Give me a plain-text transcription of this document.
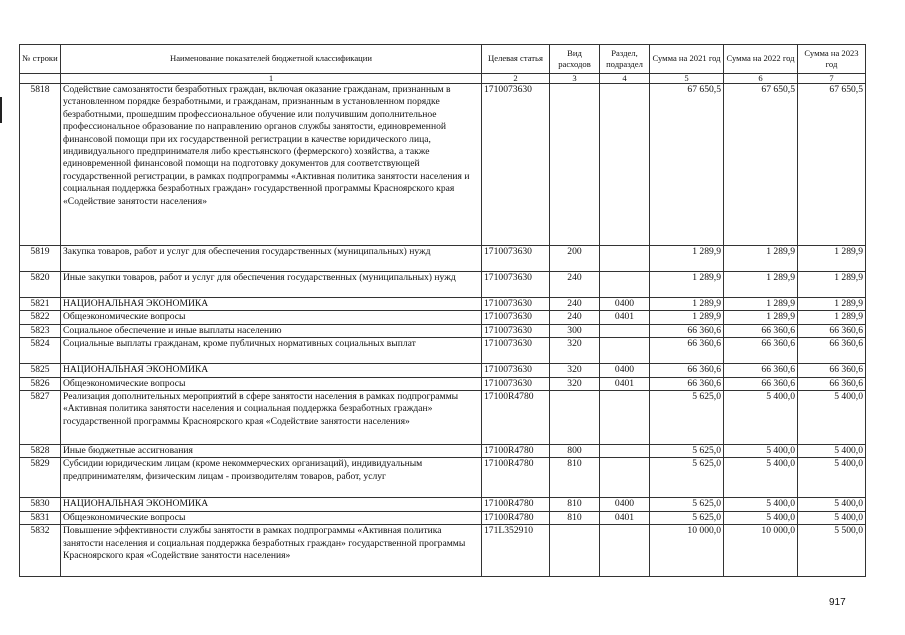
№ строки	Наименование показателей бюджетной классификации	Целевая статья	Вид расходов	Раздел, подраздел	Сумма на 2021 год	Сумма на 2022 год	Сумма на 2023 год
	1	2	3	4	5	6	7
5818	Содействие самозанятости безработных граждан, включая оказание гражданам, признанным в установленном порядке безработными, и гражданам, признанным в установленном порядке безработными, прошедшим профессиональное обучение или получившим дополнительное профессиональное образование по направлению органов службы занятости, единовременной финансовой помощи при их государственной регистрации в качестве юридического лица, индивидуального предпринимателя либо крестьянского (фермерского) хозяйства, а также единовременной финансовой помощи на подготовку документов для соответствующей государственной регистрации, в рамках подпрограммы «Активная политика занятости населения и социальная поддержка безработных граждан» государственной программы Красноярского края «Содействие занятости населения»	1710073630			67 650,5	67 650,5	67 650,5
5819	Закупка товаров, работ и услуг для обеспечения государственных (муниципальных) нужд	1710073630	200		1 289,9	1 289,9	1 289,9
5820	Иные закупки товаров, работ и услуг для обеспечения государственных (муниципальных) нужд	1710073630	240		1 289,9	1 289,9	1 289,9
5821	НАЦИОНАЛЬНАЯ ЭКОНОМИКА	1710073630	240	0400	1 289,9	1 289,9	1 289,9
5822	Общеэкономические вопросы	1710073630	240	0401	1 289,9	1 289,9	1 289,9
5823	Социальное обеспечение и иные выплаты населению	1710073630	300		66 360,6	66 360,6	66 360,6
5824	Социальные выплаты гражданам, кроме публичных нормативных социальных выплат	1710073630	320		66 360,6	66 360,6	66 360,6
5825	НАЦИОНАЛЬНАЯ ЭКОНОМИКА	1710073630	320	0400	66 360,6	66 360,6	66 360,6
5826	Общеэкономические вопросы	1710073630	320	0401	66 360,6	66 360,6	66 360,6
5827	Реализация дополнительных мероприятий в сфере занятости населения в рамках подпрограммы «Активная политика занятости населения и социальная поддержка безработных граждан» государственной программы Красноярского края «Содействие занятости населения»	17100R4780			5 625,0	5 400,0	5 400,0
5828	Иные бюджетные ассигнования	17100R4780	800		5 625,0	5 400,0	5 400,0
5829	Субсидии юридическим лицам (кроме некоммерческих организаций), индивидуальным предпринимателям, физическим лицам - производителям товаров, работ, услуг	17100R4780	810		5 625,0	5 400,0	5 400,0
5830	НАЦИОНАЛЬНАЯ ЭКОНОМИКА	17100R4780	810	0400	5 625,0	5 400,0	5 400,0
5831	Общеэкономические вопросы	17100R4780	810	0401	5 625,0	5 400,0	5 400,0
5832	Повышение эффективности службы занятости в рамках подпрограммы «Активная политика занятости населения и социальная поддержка безработных граждан» государственной программы Красноярского края «Содействие занятости населения»	171L352910			10 000,0	10 000,0	5 500,0
917
